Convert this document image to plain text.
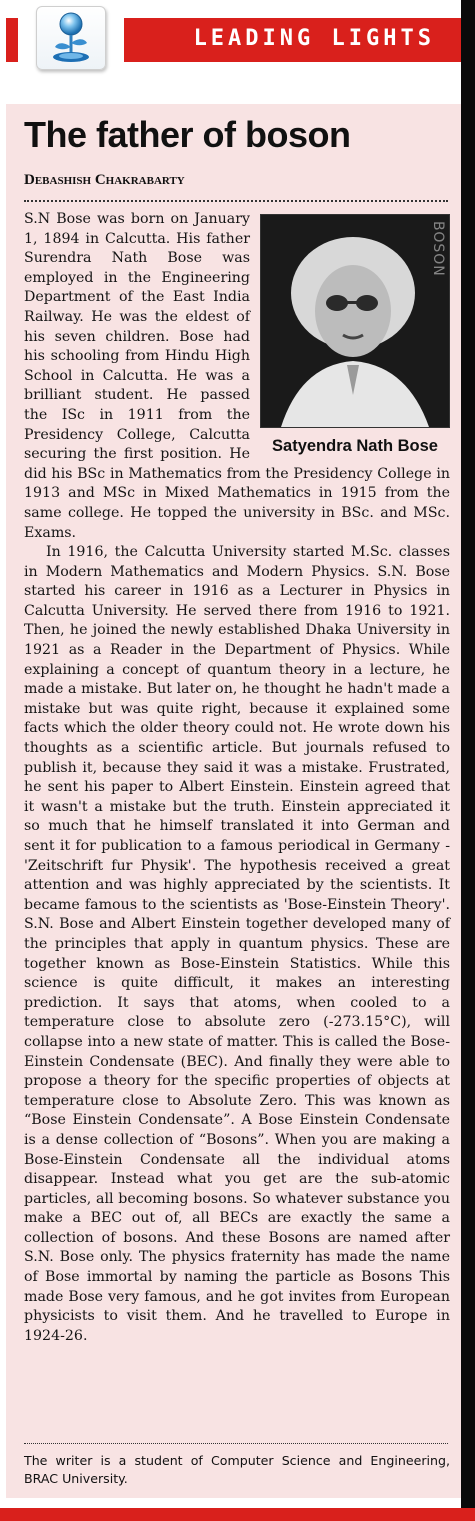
LEADING LIGHTS
The father of boson
Debashish Chakrabarty
BOSON
Satyendra Nath Bose

S.N Bose was born on January 1, 1894 in Calcutta. His father Surendra Nath Bose was employed in the Engineering Department of the East India Railway. He was the eldest of his seven children. Bose had his schooling from Hindu High School in Calcutta. He was a brilliant student. He passed the ISc in 1911 from the Presidency College, Calcutta securing the first position. He did his BSc in Mathematics from the Presidency College in 1913 and MSc in Mixed Mathematics in 1915 from the same college. He topped the university in BSc. and MSc. Exams.

In 1916, the Calcutta University started M.Sc. classes in Modern Mathematics and Modern Physics. S.N. Bose started his career in 1916 as a Lecturer in Physics in Calcutta University. He served there from 1916 to 1921. Then, he joined the newly established Dhaka University in 1921 as a Reader in the Department of Physics. While explaining a concept of quantum theory in a lecture, he made a mistake. But later on, he thought he hadn't made a mistake but was quite right, because it explained some facts which the older theory could not. He wrote down his thoughts as a scientific article. But journals refused to publish it, because they said it was a mistake. Frustrated, he sent his paper to Albert Einstein. Einstein agreed that it wasn't a mistake but the truth. Einstein appreciated it so much that he himself translated it into German and sent it for publication to a famous periodical in Germany - 'Zeitschrift fur Physik'. The hypothesis received a great attention and was highly appreciated by the scientists. It became famous to the scientists as 'Bose-Einstein Theory'. S.N. Bose and Albert Einstein together developed many of the principles that apply in quantum physics. These are together known as Bose-Einstein Statistics. While this science is quite difficult, it makes an interesting prediction. It says that atoms, when cooled to a temperature close to absolute zero (-273.15°C), will collapse into a new state of matter. This is called the Bose-Einstein Condensate (BEC). And finally they were able to propose a theory for the specific properties of objects at temperature close to Absolute Zero. This was known as “Bose Einstein Condensate”. A Bose Einstein Condensate is a dense collection of “Bosons”. When you are making a Bose-Einstein Condensate all the individual atoms disappear. Instead what you get are the sub-atomic particles, all becoming bosons. So whatever substance you make a BEC out of, all BECs are exactly the same a collection of bosons. And these Bosons are named after S.N. Bose only. The physics fraternity has made the name of Bose immortal by naming the particle as Bosons This made Bose very famous, and he got invites from European physicists to visit them. And he travelled to Europe in 1924-26.

The writer is a student of Computer Science and Engineering, BRAC University.
